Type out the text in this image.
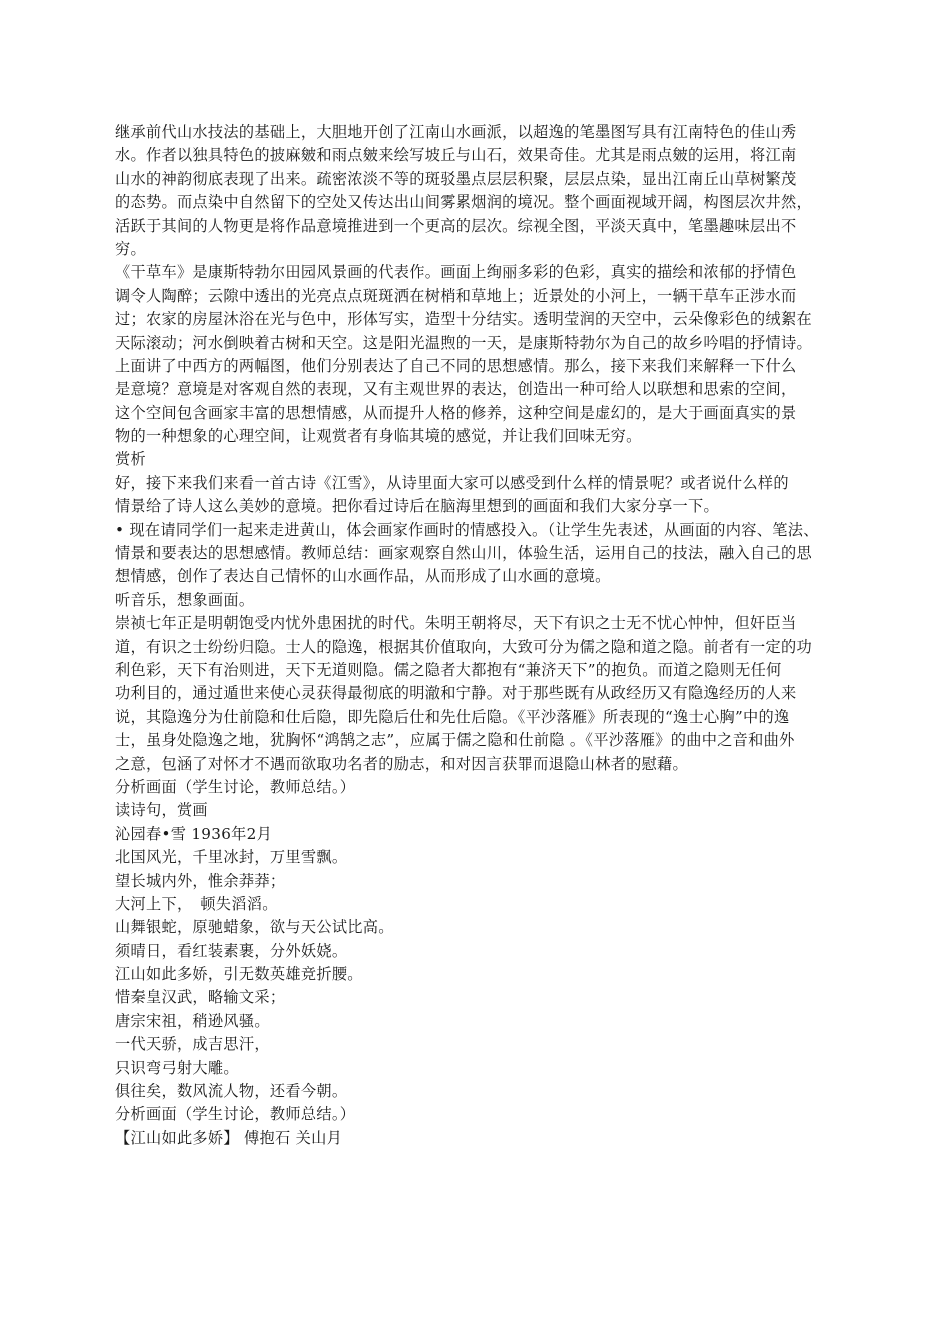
继承前代山水技法的基础上，大胆地开创了江南山水画派，以超逸的笔墨图写具有江南特色的佳山秀
水。作者以独具特色的披麻皴和雨点皴来绘写坡丘与山石，效果奇佳。尤其是雨点皴的运用，将江南
山水的神韵彻底表现了出来。疏密浓淡不等的斑驳墨点层层积聚，层层点染，显出江南丘山草树繁茂
的态势。而点染中自然留下的空处又传达出山间雾累烟润的境况。整个画面视域开阔，构图层次井然，
活跃于其间的人物更是将作品意境推进到一个更高的层次。综视全图，平淡天真中，笔墨趣味层出不
穷。
《干草车》是康斯特勃尔田园风景画的代表作。画面上绚丽多彩的色彩，真实的描绘和浓郁的抒情色
调令人陶醉；云隙中透出的光亮点点斑斑洒在树梢和草地上；近景处的小河上，一辆干草车正涉水而
过；农家的房屋沐浴在光与色中，形体写实，造型十分结实。透明莹润的天空中，云朵像彩色的绒絮在
天际滚动；河水倒映着古树和天空。这是阳光温煦的一天，是康斯特勃尔为自己的故乡吟唱的抒情诗。
上面讲了中西方的两幅图，他们分别表达了自己不同的思想感情。那么，接下来我们来解释一下什么
是意境？意境是对客观自然的表现，又有主观世界的表达，创造出一种可给人以联想和思索的空间，
这个空间包含画家丰富的思想情感，从而提升人格的修养，这种空间是虚幻的，是大于画面真实的景
物的一种想象的心理空间，让观赏者有身临其境的感觉，并让我们回味无穷。
赏析
好，接下来我们来看一首古诗《江雪》，从诗里面大家可以感受到什么样的情景呢？或者说什么样的
情景给了诗人这么美妙的意境。把你看过诗后在脑海里想到的画面和我们大家分享一下。
• 现在请同学们一起来走进黄山，体会画家作画时的情感投入。（让学生先表述，从画面的内容、笔法、
情景和要表达的思想感情。教师总结：画家观察自然山川，体验生活，运用自己的技法，融入自己的思
想情感，创作了表达自己情怀的山水画作品，从而形成了山水画的意境。
听音乐，想象画面。
崇祯七年正是明朝饱受内忧外患困扰的时代。朱明王朝将尽，天下有识之士无不忧心忡忡，但奸臣当
道，有识之士纷纷归隐。士人的隐逸，根据其价值取向，大致可分为儒之隐和道之隐。前者有一定的功
利色彩，天下有治则进，天下无道则隐。儒之隐者大都抱有“兼济天下”的抱负。而道之隐则无任何
功利目的，通过遁世来使心灵获得最彻底的明澈和宁静。对于那些既有从政经历又有隐逸经历的人来
说，其隐逸分为仕前隐和仕后隐，即先隐后仕和先仕后隐。《平沙落雁》所表现的“逸士心胸”中的逸
士，虽身处隐逸之地，犹胸怀“鸿鹄之志”，应属于儒之隐和仕前隐 。《平沙落雁》的曲中之音和曲外
之意，包涵了对怀才不遇而欲取功名者的励志，和对因言获罪而退隐山林者的慰藉。
分析画面（学生讨论，教师总结。）
读诗句，赏画
沁园春•雪 1936年2月
北国风光，千里冰封，万里雪飘。
望长城内外，惟余莽莽；
大河上下，　顿失滔滔。
山舞银蛇，原驰蜡象，欲与天公试比高。
须晴日，看红装素裹，分外妖娆。
江山如此多娇，引无数英雄竞折腰。
惜秦皇汉武，略输文采；
唐宗宋祖，稍逊风骚。
一代天骄，成吉思汗，
只识弯弓射大雕。
俱往矣，数风流人物，还看今朝。
分析画面（学生讨论，教师总结。）
【江山如此多娇】 傅抱石 关山月
